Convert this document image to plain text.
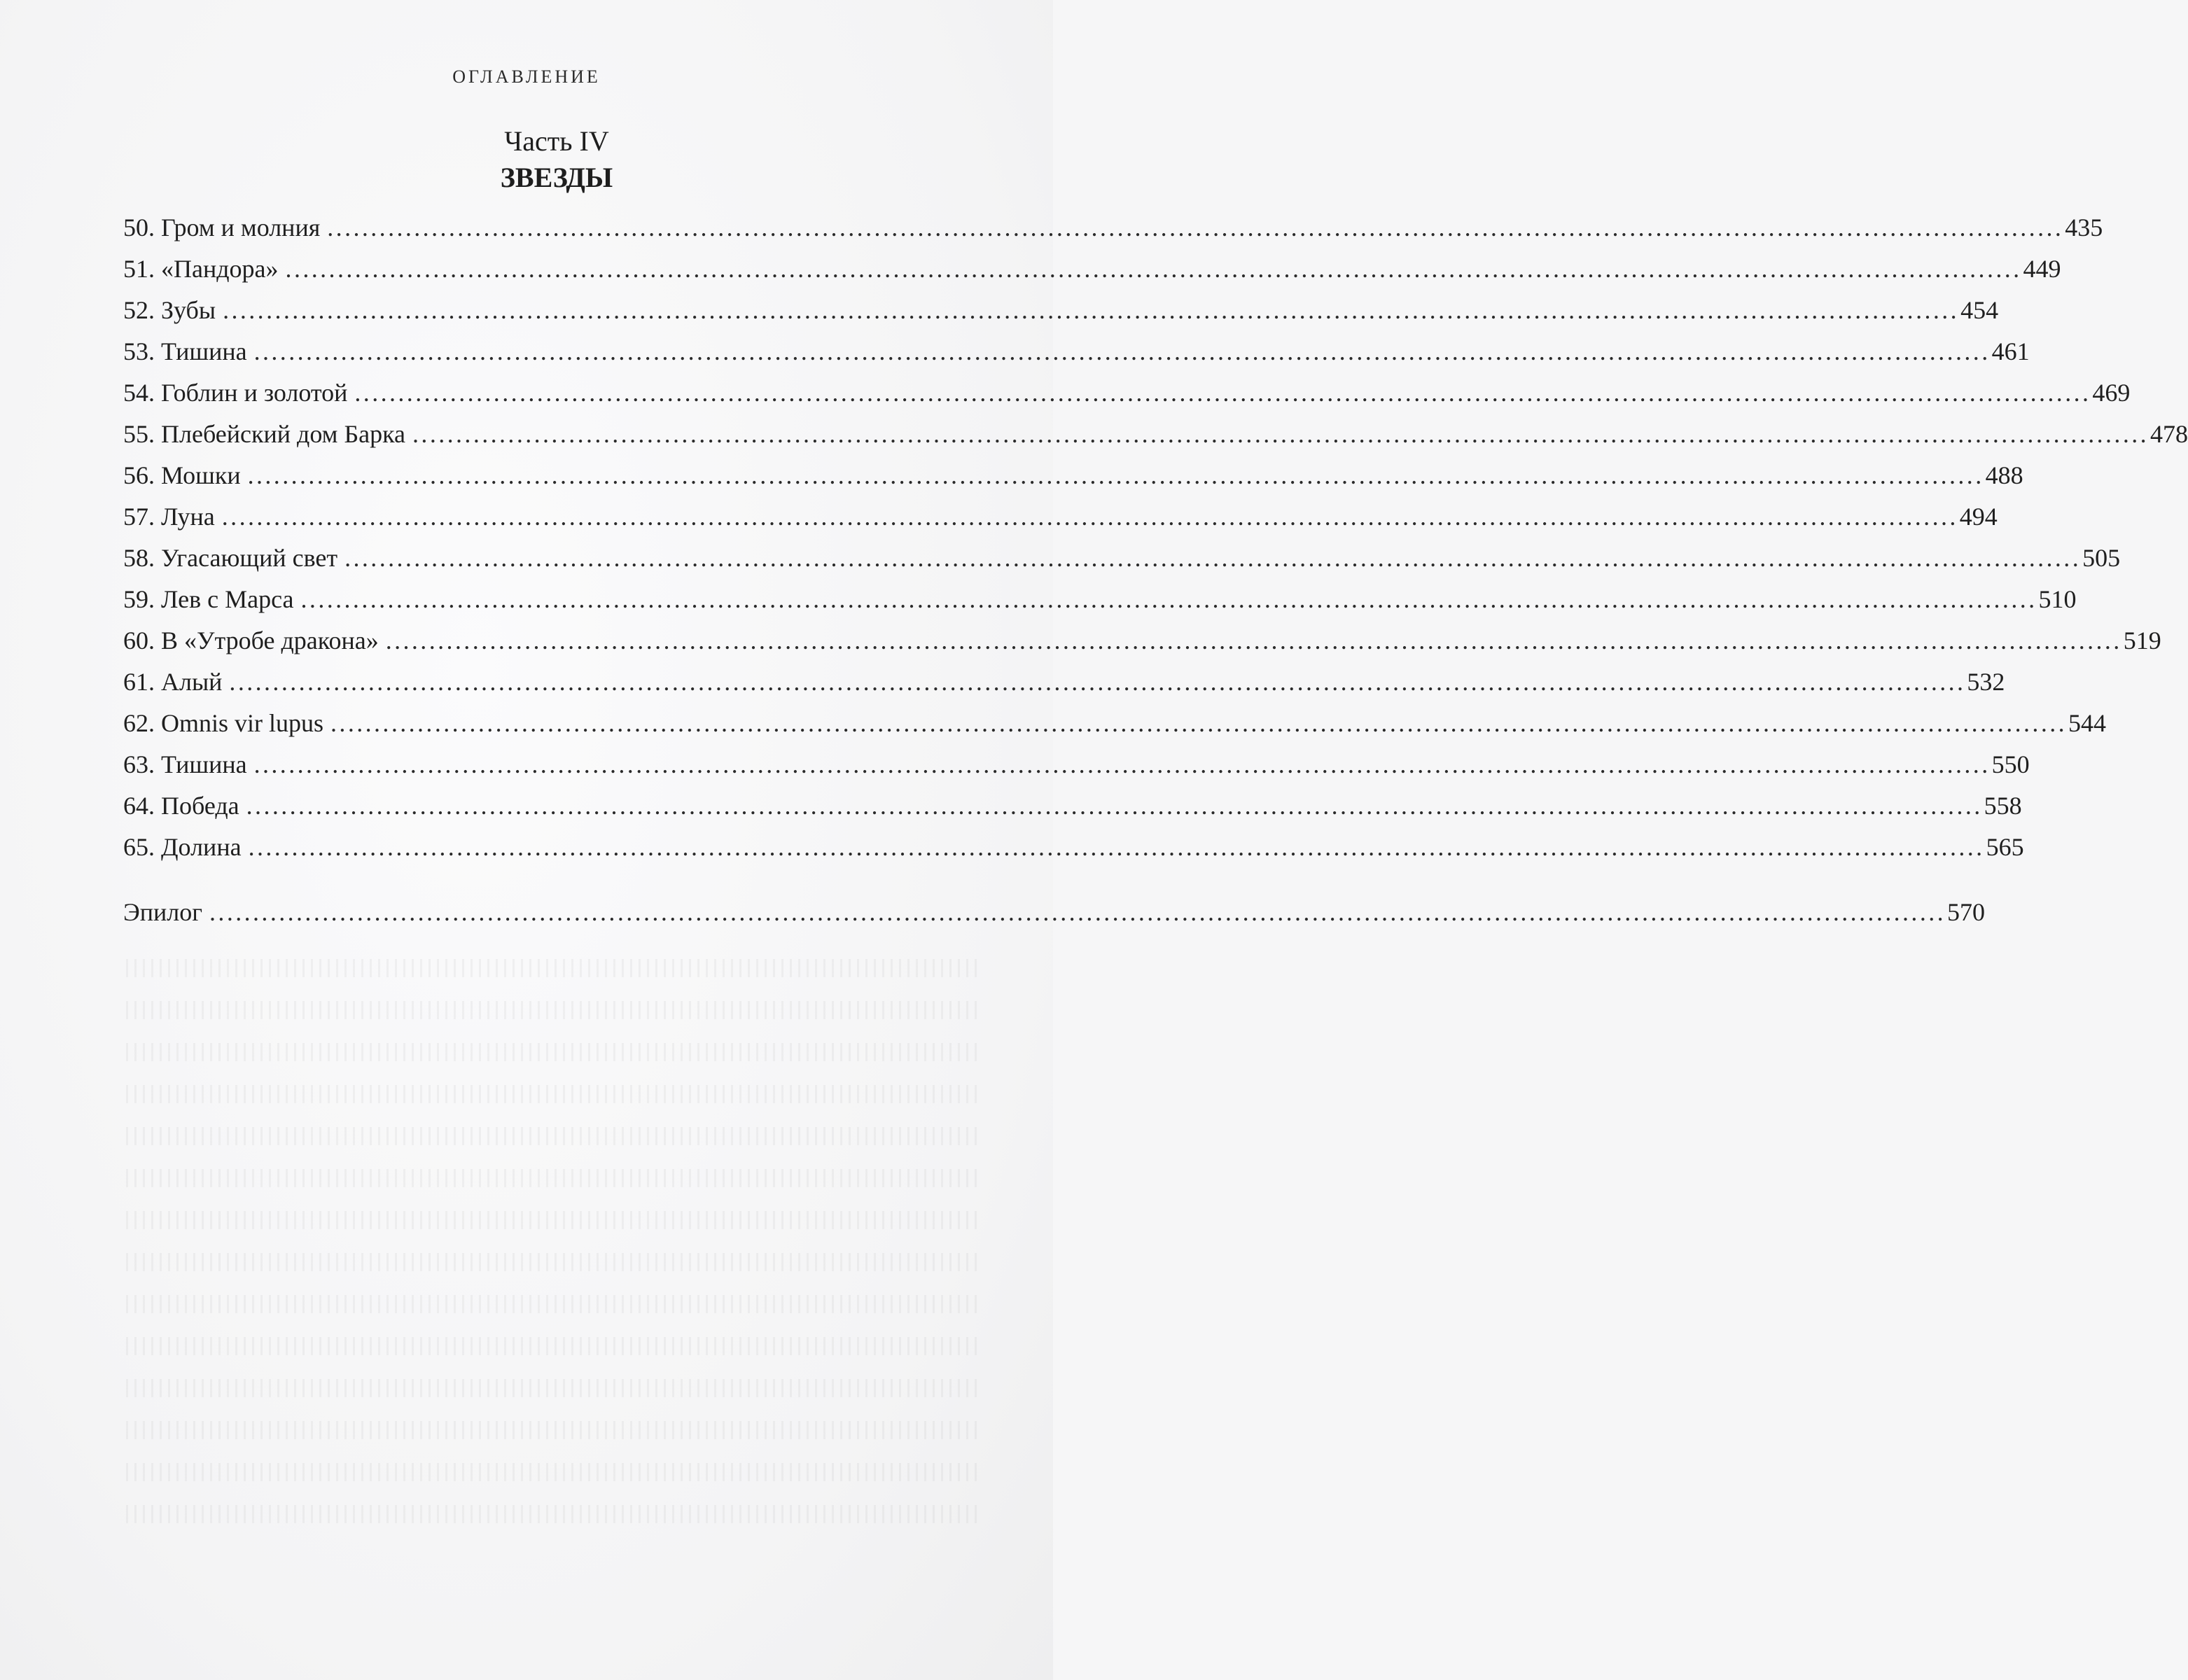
ОГЛАВЛЕНИЕ
Часть IV
ЗВЕЗДЫ
50. Гром и молния ........................................................................................................................................................................................................ 435
51. «Пандора» ........................................................................................................................................................................................................ 449
52. Зубы ........................................................................................................................................................................................................ 454
53. Тишина ........................................................................................................................................................................................................ 461
54. Гоблин и золотой ........................................................................................................................................................................................................ 469
55. Плебейский дом Барка ........................................................................................................................................................................................................ 478
56. Мошки ........................................................................................................................................................................................................ 488
57. Луна ........................................................................................................................................................................................................ 494
58. Угасающий свет ........................................................................................................................................................................................................ 505
59. Лев с Марса ........................................................................................................................................................................................................ 510
60. В «Утробе дракона» ........................................................................................................................................................................................................ 519
61. Алый ........................................................................................................................................................................................................ 532
62. Omnis vir lupus ........................................................................................................................................................................................................ 544
63. Тишина ........................................................................................................................................................................................................ 550
64. Победа ........................................................................................................................................................................................................ 558
65. Долина ........................................................................................................................................................................................................ 565
Эпилог ........................................................................................................................................................................................................ 570
